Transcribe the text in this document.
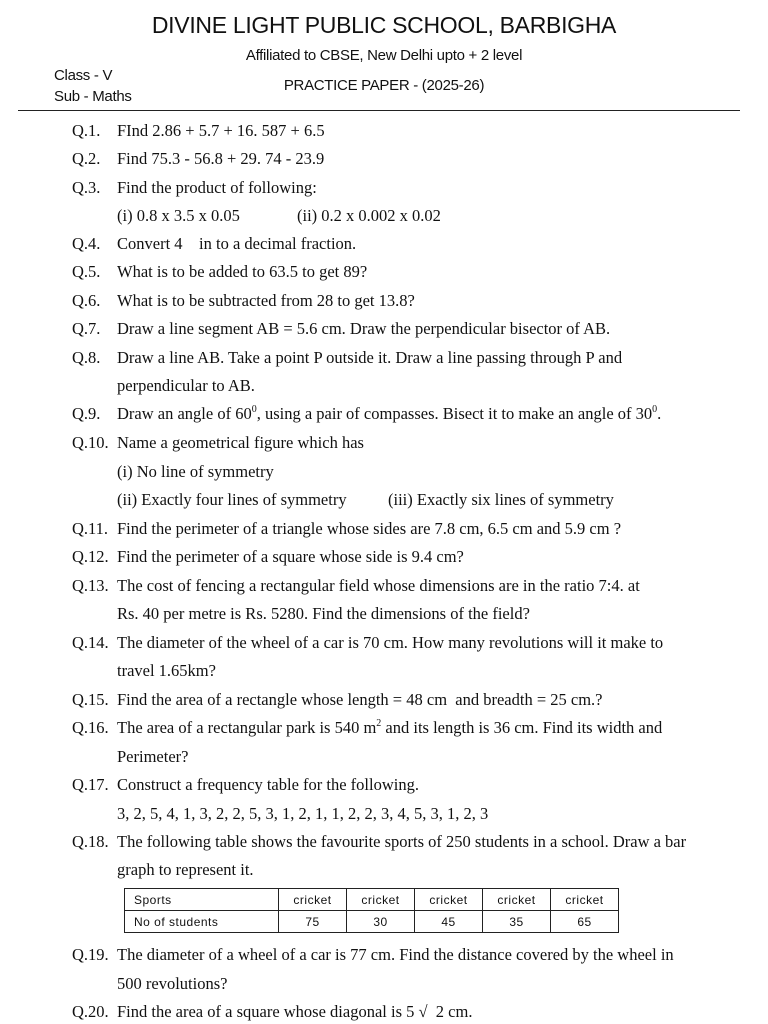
DIVINE LIGHT PUBLIC SCHOOL, BARBIGHA
Affiliated to CBSE, New Delhi upto + 2 level
Class - V
Sub - Maths
PRACTICE PAPER - (2025-26)
Q.1. FInd 2.86 + 5.7 + 16. 587 + 6.5
Q.2. Find 75.3 - 56.8 + 29. 74 - 23.9
Q.3. Find the product of following:
(i) 0.8 x 3.5 x 0.05	(ii) 0.2 x 0.002 x 0.02
Q.4. Convert 4    in to a decimal fraction.
Q.5. What is to be added to 63.5 to get 89?
Q.6. What is to be subtracted from 28 to get 13.8?
Q.7. Draw a line segment AB = 5.6 cm. Draw the perpendicular bisector of AB.
Q.8. Draw a line AB. Take a point P outside it. Draw a line passing through P and
perpendicular to AB.
Q.9. Draw an angle of $60^0$, using a pair of compasses. Bisect it to make an angle of $30^0$.
Q.10. Name a geometrical figure which has
(i) No line of symmetry
(ii) Exactly four lines of symmetry	(iii) Exactly six lines of symmetry
Q.11. Find the perimeter of a triangle whose sides are 7.8 cm, 6.5 cm and 5.9 cm ?
Q.12. Find the perimeter of a square whose side is 9.4 cm?
Q.13. The cost of fencing a rectangular field whose dimensions are in the ratio 7:4. at
Rs. 40 per metre is Rs. 5280. Find the dimensions of the field?
Q.14. The diameter of the wheel of a car is 70 cm. How many revolutions will it make to
travel 1.65km?
Q.15. Find the area of a rectangle whose length = 48 cm  and breadth = 25 cm.?
Q.16. The area of a rectangular park is 540 $m^2$ and its length is 36 cm. Find its width and
Perimeter?
Q.17. Construct a frequency table for the following.
3, 2, 5, 4, 1, 3, 2, 2, 5, 3, 1, 2, 1, 1, 2, 2, 3, 4, 5, 3, 1, 2, 3
Q.18. The following table shows the favourite sports of 250 students in a school. Draw a bar
graph to represent it.
Sports	cricket	cricket	cricket	cricket	cricket
No of students	75	30	45	35	65
Q.19. The diameter of a wheel of a car is 77 cm. Find the distance covered by the wheel in
500 revolutions?
Q.20. Find the area of a square whose diagonal is 5 √  2 cm.
